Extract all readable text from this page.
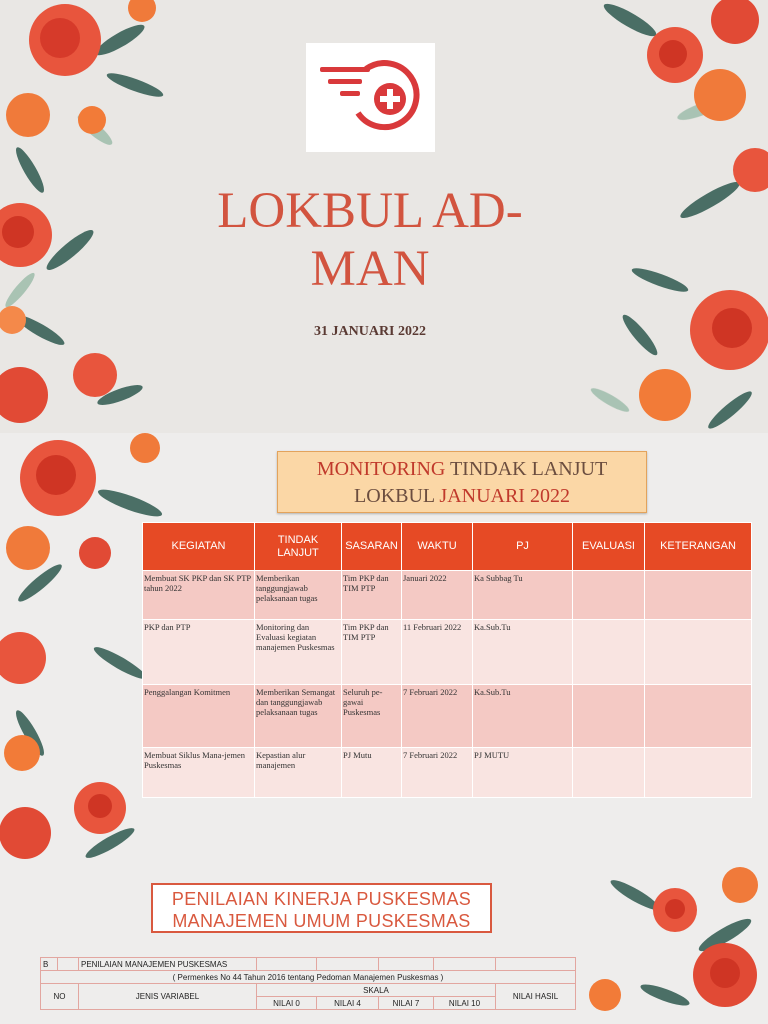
LOKBUL AD-MAN
31 JANUARI 2022
MONITORING TINDAK LANJUT
LOKBUL JANUARI 2022
KEGIATAN	TINDAK LANJUT	SASARAN	WAKTU	PJ	EVALUASI	KETERANGAN
Membuat SK PKP dan SK PTP tahun 2022	Memberikan tanggungjawab pelaksanaan tugas	Tim PKP dan TIM PTP	Januari 2022	Ka Subbag Tu		
PKP dan PTP	Monitoring dan Evaluasi kegiatan manajemen Puskesmas	Tim PKP dan TIM PTP	11 Februari 2022	Ka.Sub.Tu		
Penggalangan Komitmen	Memberikan Semangat dan tanggungjawab pelaksanaan tugas	Seluruh pe-gawai Puskesmas	7 Februari 2022	Ka.Sub.Tu		
Membuat Siklus Mana-jemen Puskesmas	Kepastian alur manajemen	PJ Mutu	7 Februari 2022	PJ MUTU		
PENILAIAN KINERJA PUSKESMAS
MANAJEMEN UMUM PUSKESMAS
B		PENILAIAN MANAJEMEN PUSKESMAS					
( Permenkes No 44 Tahun 2016 tentang Pedoman Manajemen Puskesmas )							
NO		JENIS VARIABEL	SKALA				NILAI HASIL
			NILAI 0	NILAI 4	NILAI 7	NILAI 10	
